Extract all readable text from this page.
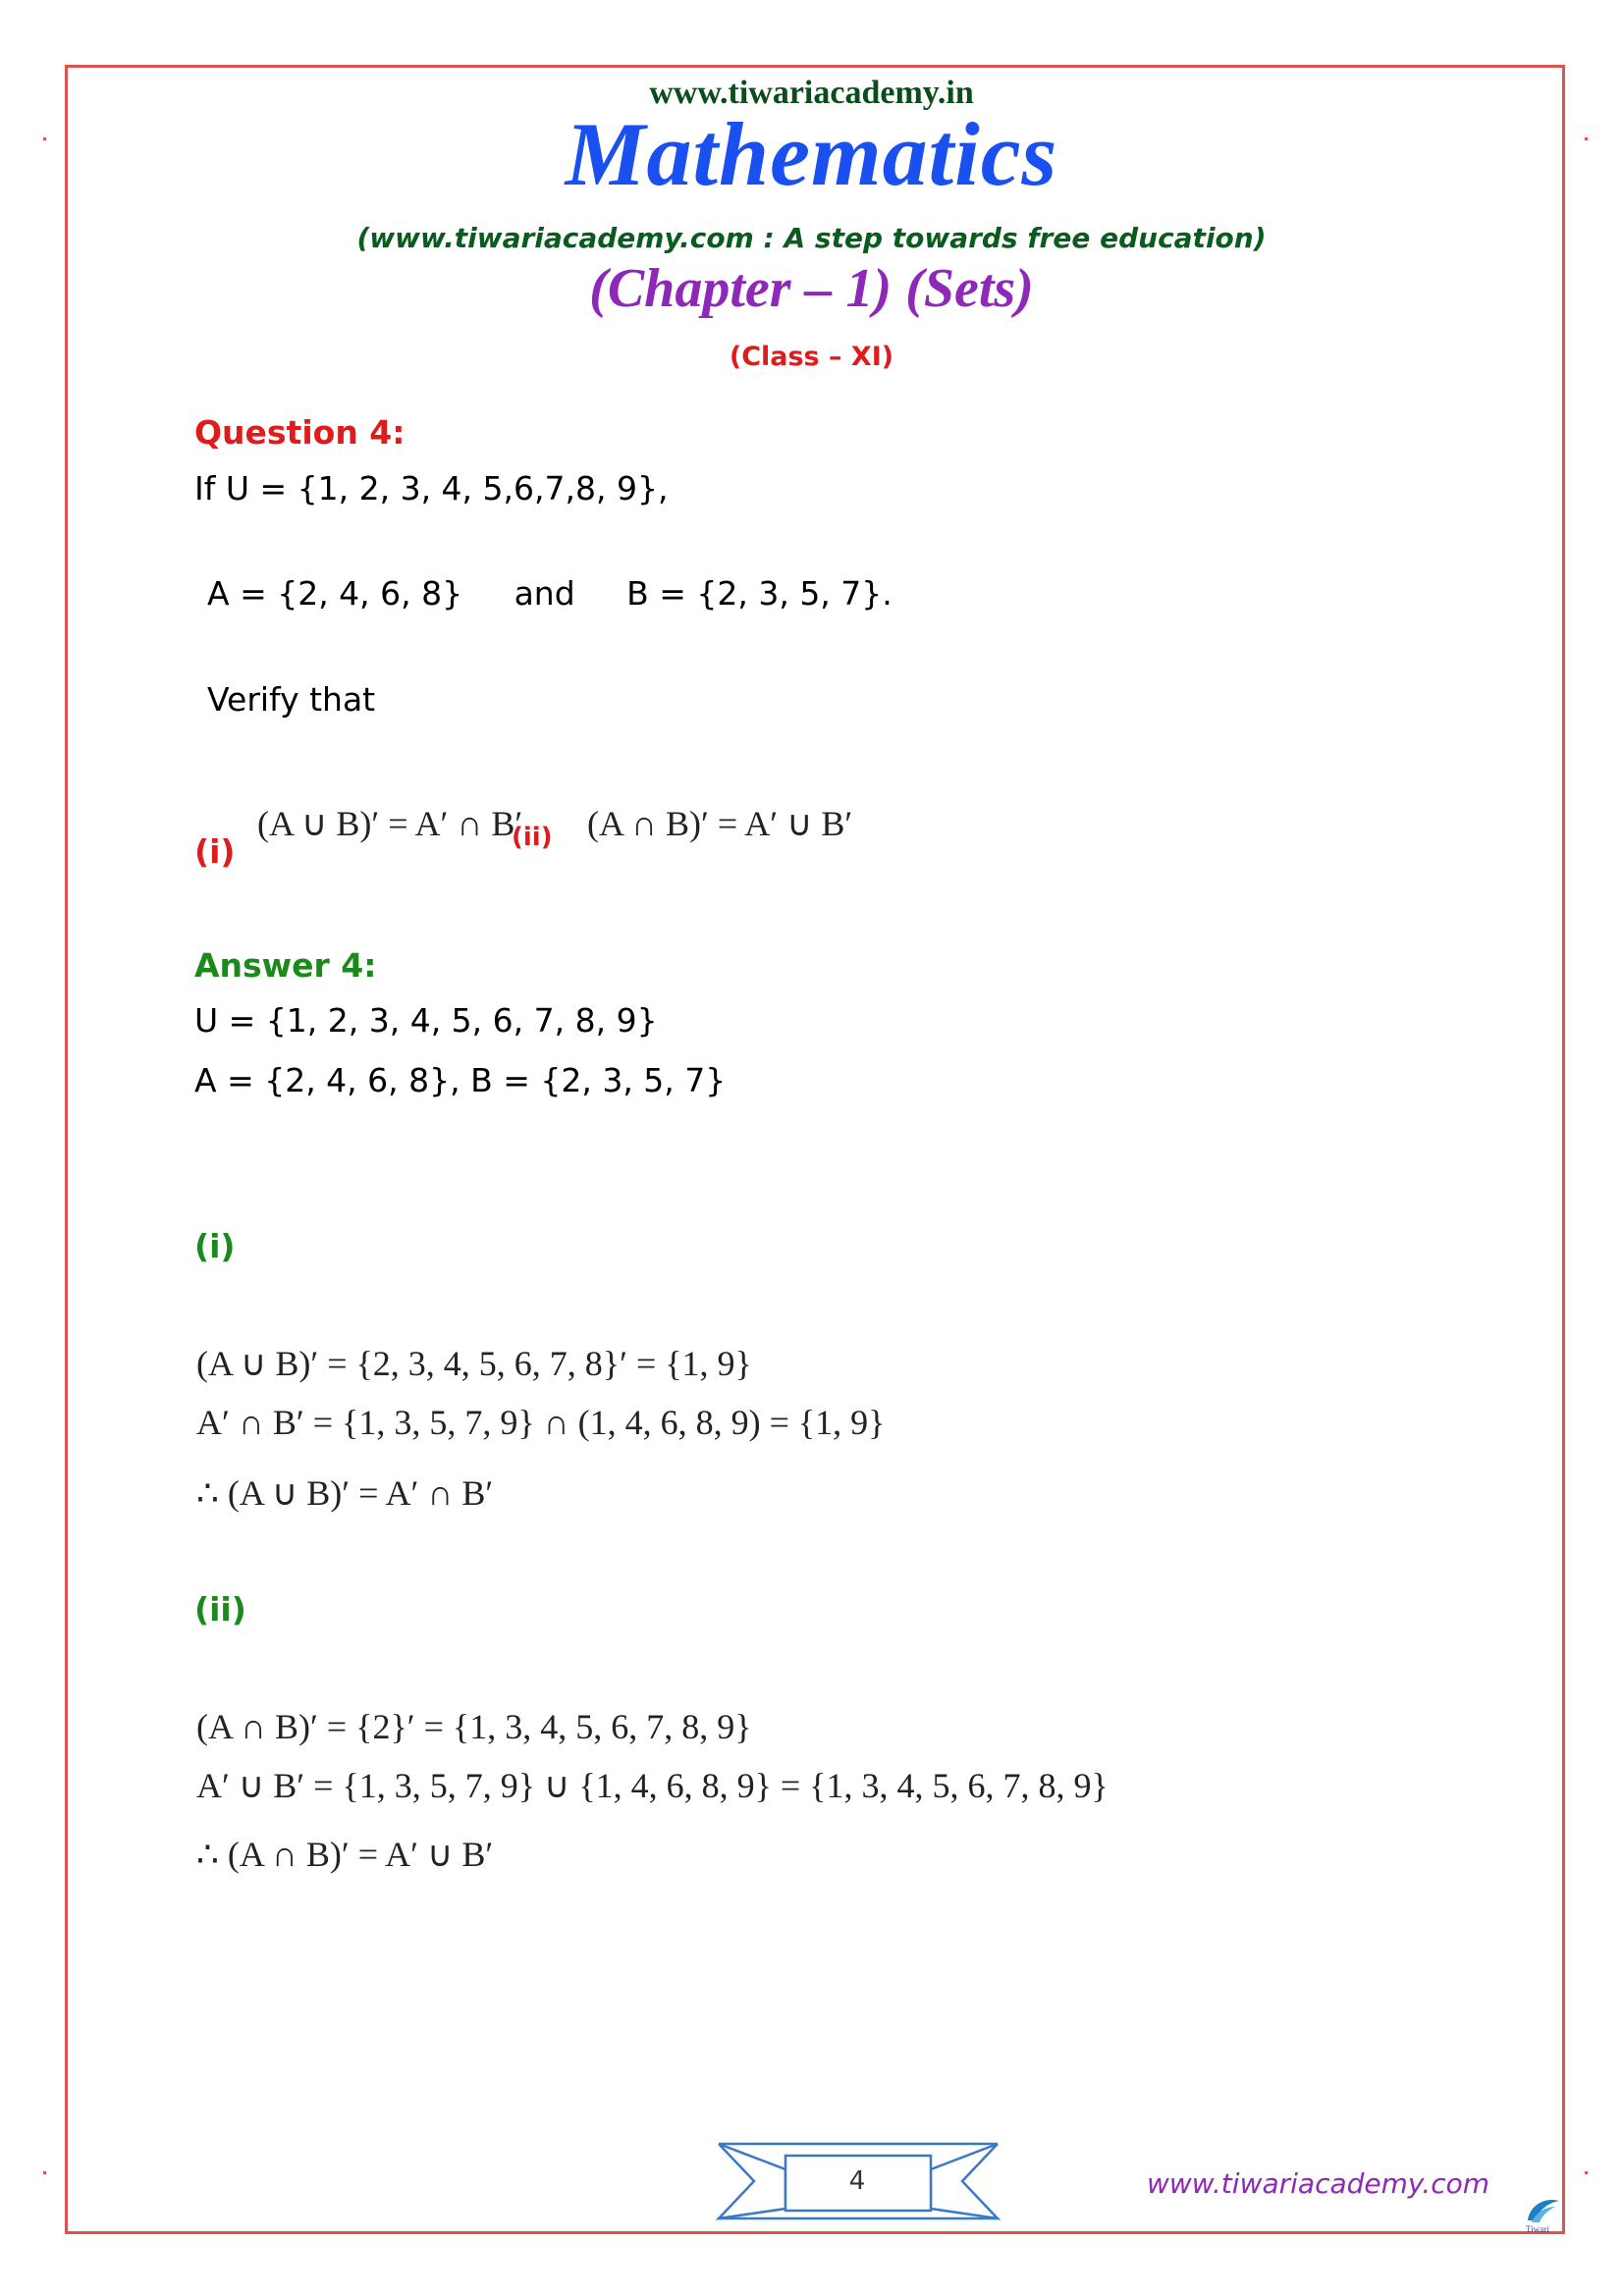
www.tiwariacademy.in
Mathematics
(www.tiwariacademy.com : A step towards free education)
(Chapter – 1) (Sets)
(Class – XI)
Question 4:
If U = {1, 2, 3, 4, 5,6,7,8, 9},
A = {2, 4, 6, 8}     and     B = {2, 3, 5, 7}.
Verify that
(i)
(A ∪ B)′ = A′ ∩ B′
(ii) (A ∩ B)′ = A′ ∪ B′
Answer 4:
U = {1, 2, 3, 4, 5, 6, 7, 8, 9}
A = {2, 4, 6, 8}, B = {2, 3, 5, 7}
(i)
(A ∪ B)′ = {2, 3, 4, 5, 6, 7, 8}′ = {1, 9}
A′ ∩ B′ = {1, 3, 5, 7, 9} ∩ (1, 4, 6, 8, 9) = {1, 9}
∴ (A ∪ B)′ = A′ ∩ B′
(ii)
(A ∩ B)′ = {2}′ = {1, 3, 4, 5, 6, 7, 8, 9}
A′ ∪ B′ = {1, 3, 5, 7, 9} ∪ {1, 4, 6, 8, 9} = {1, 3, 4, 5, 6, 7, 8, 9}
∴ (A ∩ B)′ = A′ ∪ B′
4	www.tiwariacademy.com
Tiwari
